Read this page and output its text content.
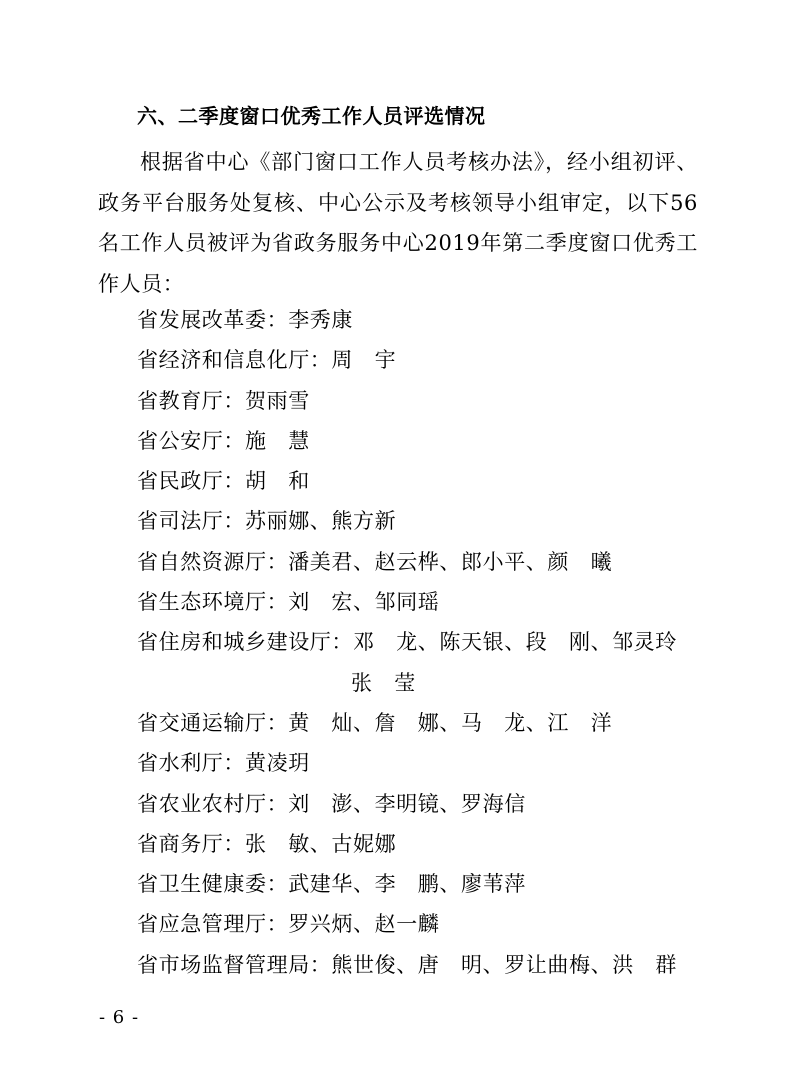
六、二季度窗口优秀工作人员评选情况
根据省中心《部门窗口工作人员考核办法》，经小组初评、
政务平台服务处复核、中心公示及考核领导小组审定，以下56
名工作人员被评为省政务服务中心2019年第二季度窗口优秀工
作人员：
省发展改革委：李秀康
省经济和信息化厅：周　宇
省教育厅：贺雨雪
省公安厅：施　慧
省民政厅：胡　和
省司法厅：苏丽娜、熊方新
省自然资源厅：潘美君、赵云桦、郎小平、颜　曦
省生态环境厅：刘　宏、邹同瑶
省住房和城乡建设厅：邓　龙、陈天银、段　刚、邹灵玲
张　莹
省交通运输厅：黄　灿、詹　娜、马　龙、江　洋
省水利厅：黄凌玥
省农业农村厅：刘　澎、李明镜、罗海信
省商务厅：张　敏、古妮娜
省卫生健康委：武建华、李　鹏、廖苇萍
省应急管理厅：罗兴炳、赵一麟
省市场监督管理局：熊世俊、唐　明、罗让曲梅、洪　群
- 6 -
